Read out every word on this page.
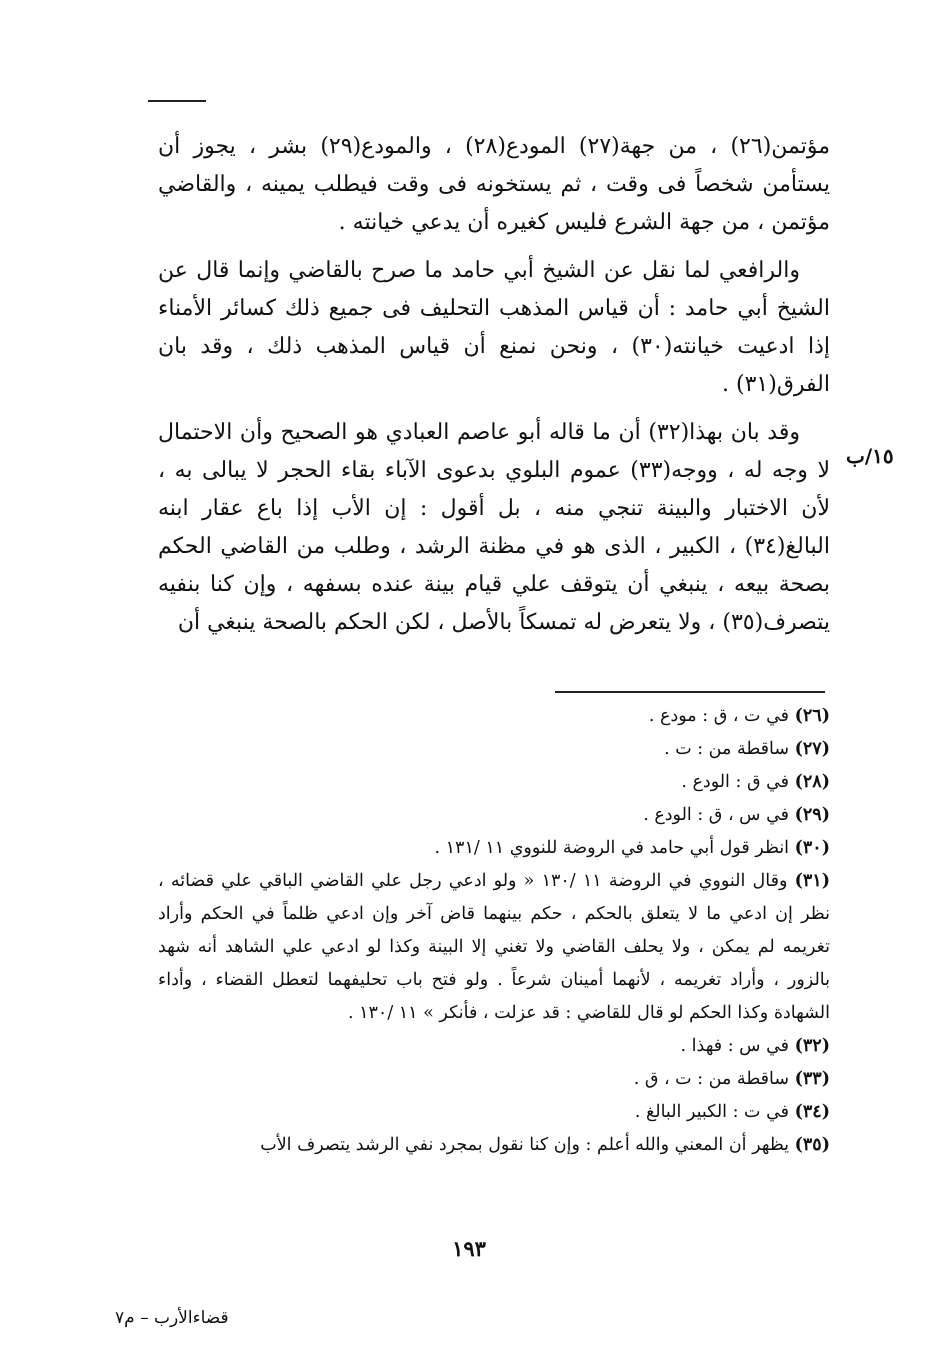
مؤتمن(٢٦) ، من جهة(٢٧) المودع(٢٨) ، والمودع(٢٩) بشر ، يجوز أن يستأمن شخصاً فى وقت ، ثم يستخونه فى وقت فيطلب يمينه ، والقاضي مؤتمن ، من جهة الشرع فليس كغيره أن يدعي خيانته .

والرافعي لما نقل عن الشيخ أبي حامد ما صرح بالقاضي وإنما قال عن الشيخ أبي حامد : أن قياس المذهب التحليف فى جميع ذلك كسائر الأمناء إذا ادعيت خيانته(٣٠) ، ونحن نمنع أن قياس المذهب ذلك ، وقد بان الفرق(٣١) .

وقد بان بهذا(٣٢) أن ما قاله أبو عاصم العبادي هو الصحيح وأن الاحتمال لا وجه له ، ووجه(٣٣) عموم البلوي بدعوى الآباء بقاء الحجر لا يبالى به ، لأن الاختبار والبينة تنجي منه ، بل أقول : إن الأب إذا باع عقار ابنه البالغ(٣٤) ، الكبير ، الذى هو في مظنة الرشد ، وطلب من القاضي الحكم بصحة بيعه ، ينبغي أن يتوقف علي قيام بينة عنده بسفهه ، وإن كنا بنفيه يتصرف(٣٥) ، ولا يتعرض له تمسكاً بالأصل ، لكن الحكم بالصحة ينبغي أن

١٥/ب

(٢٦) في ت ، ق : مودع .

(٢٧) ساقطة من : ت .

(٢٨) في ق : الودع .

(٢٩) في س ، ق : الودع .

(٣٠) انظر قول أبي حامد في الروضة للنووي ١١ /١٣١ .

(٣١) وقال النووي في الروضة ١١ /١٣٠ « ولو ادعي رجل علي القاضي الباقي علي قضائه ، نظر إن ادعي ما لا يتعلق بالحكم ، حكم بينهما قاض آخر وإن ادعي ظلماً في الحكم وأراد تغريمه لم يمكن ، ولا يحلف القاضي ولا تغني إلا البينة وكذا لو ادعي علي الشاهد أنه شهد بالزور ، وأراد تغريمه ، لأنهما أمينان شرعاً . ولو فتح باب تحليفهما لتعطل القضاء ، وأداء الشهادة وكذا الحكم لو قال للقاضي : قد عزلت ، فأنكر » ١١ /١٣٠ .

(٣٢) في س : فهذا .

(٣٣) ساقطة من : ت ، ق .

(٣٤) في ت : الكبير البالغ .

(٣٥) يظهر أن المعني والله أعلم : وإن كنا نقول بمجرد نفي الرشد يتصرف الأب

١٩٣
قضاءالأرب – م٧
